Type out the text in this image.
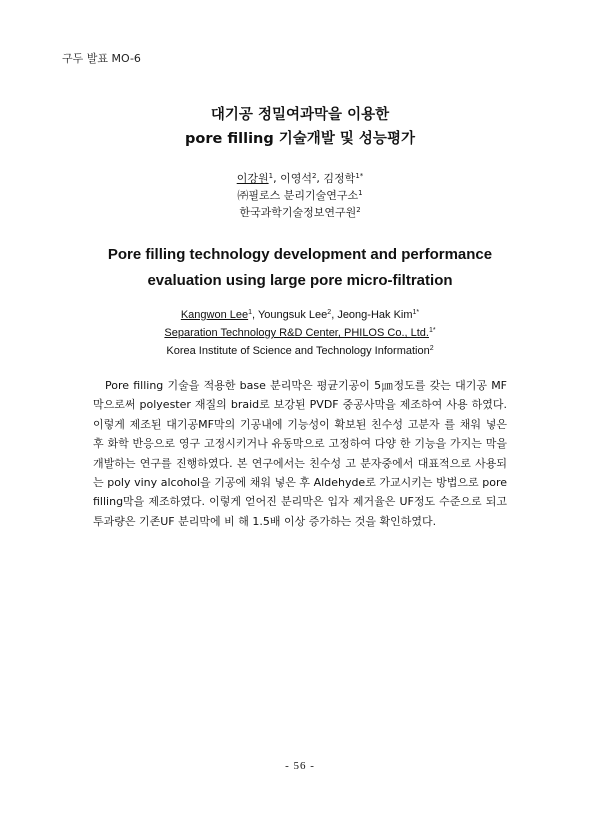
구두 발표 MO-6
대기공 정밀여과막을 이용한
pore filling 기술개발 및 성능평가
이강원$^1$, 이영석$^2$, 김정학$^{1*}$
㈜필로스 분리기술연구소$^1$
한국과학기술정보연구원$^2$
Pore filling technology development and performance
evaluation using large pore micro-filtration
Kangwon Lee$^1$, Youngsuk Lee$^2$, Jeong-Hak Kim$^{1*}$
Separation Technology R&D Center, PHILOS Co., Ltd.$^{1*}$
Korea Institute of Science and Technology Information$^2$
Pore filling 기술을 적용한 base 분리막은 평균기공이 5㎛정도를 갖는 대기공 MF막으로써 polyester 재질의 braid로 보강된 PVDF 중공사막을 제조하여 사용 하였다. 이렇게 제조된 대기공MF막의 기공내에 기능성이 확보된 친수성 고분자 를 채워 넣은 후 화학 반응으로 영구 고정시키거나 유동막으로 고정하여 다양 한 기능을 가지는 막을 개발하는 연구를 진행하였다. 본 연구에서는 친수성 고 분자중에서 대표적으로 사용되는 poly viny alcohol을 기공에 채워 넣은 후 Aldehyde로 가교시키는 방법으로 pore filling막을 제조하였다. 이렇게 얻어진 분리막은 입자 제거율은 UF정도 수준으로 되고 투과량은 기존UF 분리막에 비 해 1.5배 이상 증가하는 것을 확인하였다.
- 56 -
